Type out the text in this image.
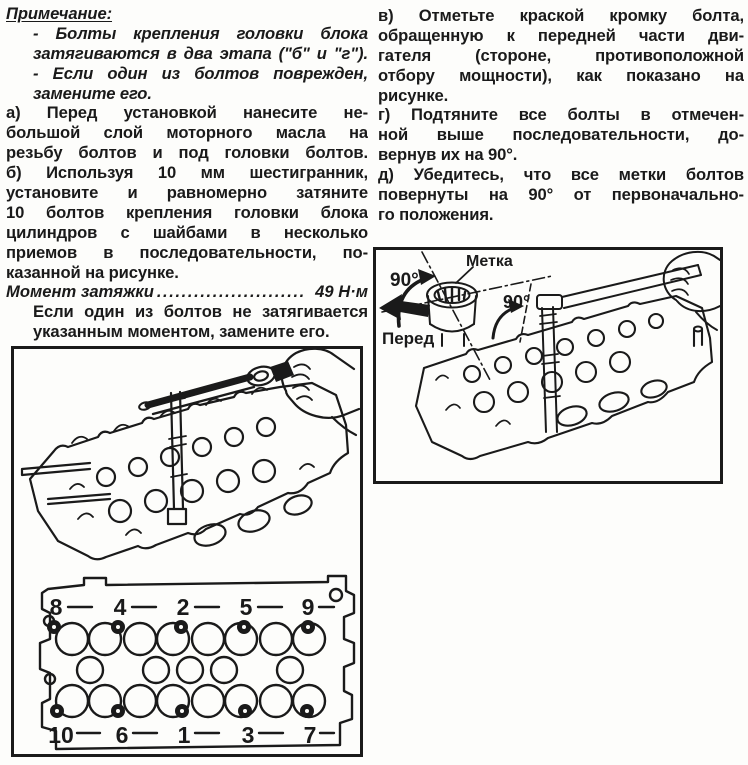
Примечание:
- Болты крепления головки блока
затягиваются в два этапа ("б" и "г").
- Если один из болтов поврежден,
замените его.
а) Перед установкой нанесите не-
большой слой моторного масла на
резьбу болтов и под головки болтов.
б) Используя 10 мм шестигранник,
установите и равномерно затяните
10 болтов крепления головки блока
цилиндров с шайбами в несколько
приемов в последовательности, по-
казанной на рисунке.
Момент затяжки ........................ 49 Н·м
Если один из болтов не затягивается
указанным моментом, замените его.
в) Отметьте краской кромку болта,
обращенную к передней части дви-
гателя (стороне, противоположной
отбору мощности), как показано на
рисунке.
г) Подтяните все болты в отмечен-
ной выше последовательности, до-
вернув их на 90°.
д) Убедитесь, что все метки болтов
повернуты на 90° от первоначально-
го положения.
8 4 2 5 9
10 6 1 3 7
Метка
90°
90°
Перед
